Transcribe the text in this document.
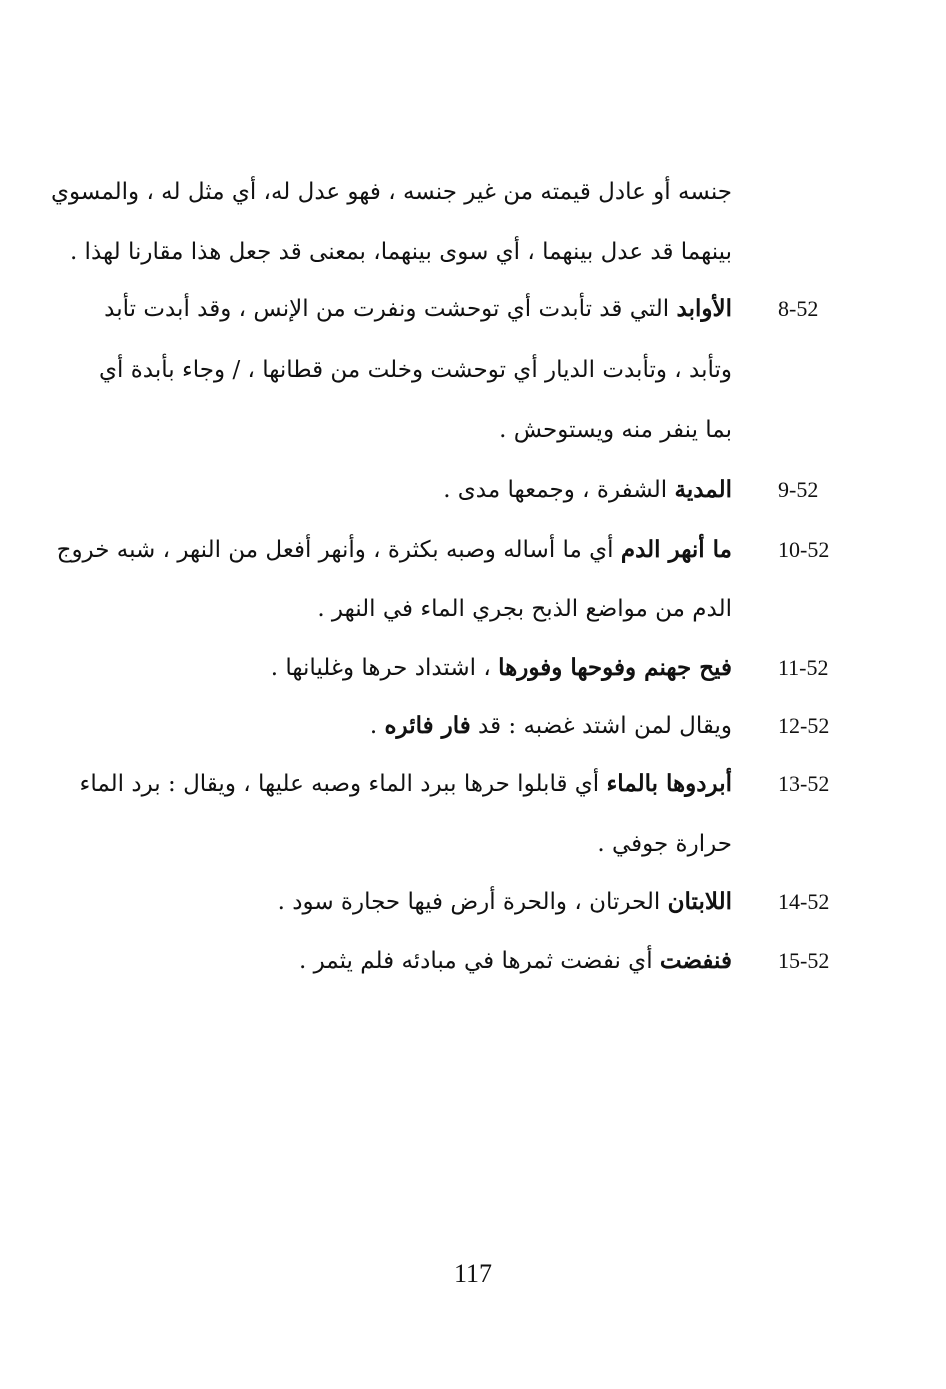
جنسه أو عادل قيمته من غير جنسه ، فهو عدل له، أي مثل له ، والمسوي
بينهما قد عدل بينهما ، أي سوى بينهما، بمعنى قد جعل هذا مقارنا لهذا .
8-52
الأوابد التي قد تأبدت أي توحشت ونفرت من الإنس ، وقد أبدت تأبد
وتأبد ، وتأبدت الديار أي توحشت وخلت من قطانها ، / وجاء بأبدة أي
بما ينفر منه ويستوحش .
9-52
المدية الشفرة ، وجمعها مدى .
10-52
ما أنهر الدم أي ما أساله وصبه بكثرة ، وأنهر أفعل من النهر ، شبه خروج
الدم من مواضع الذبح بجري الماء في النهر .
11-52
فيح جهنم وفوحها وفورها ، اشتداد حرها وغليانها .
12-52
ويقال لمن اشتد غضبه : قد فار فائره .
13-52
أبردوها بالماء أي قابلوا حرها ببرد الماء وصبه عليها ، ويقال : برد الماء
حرارة جوفي .
14-52
اللابتان الحرتان ، والحرة أرض فيها حجارة سود .
15-52
فنفضت أي نفضت ثمرها في مبادئه فلم يثمر .
117
